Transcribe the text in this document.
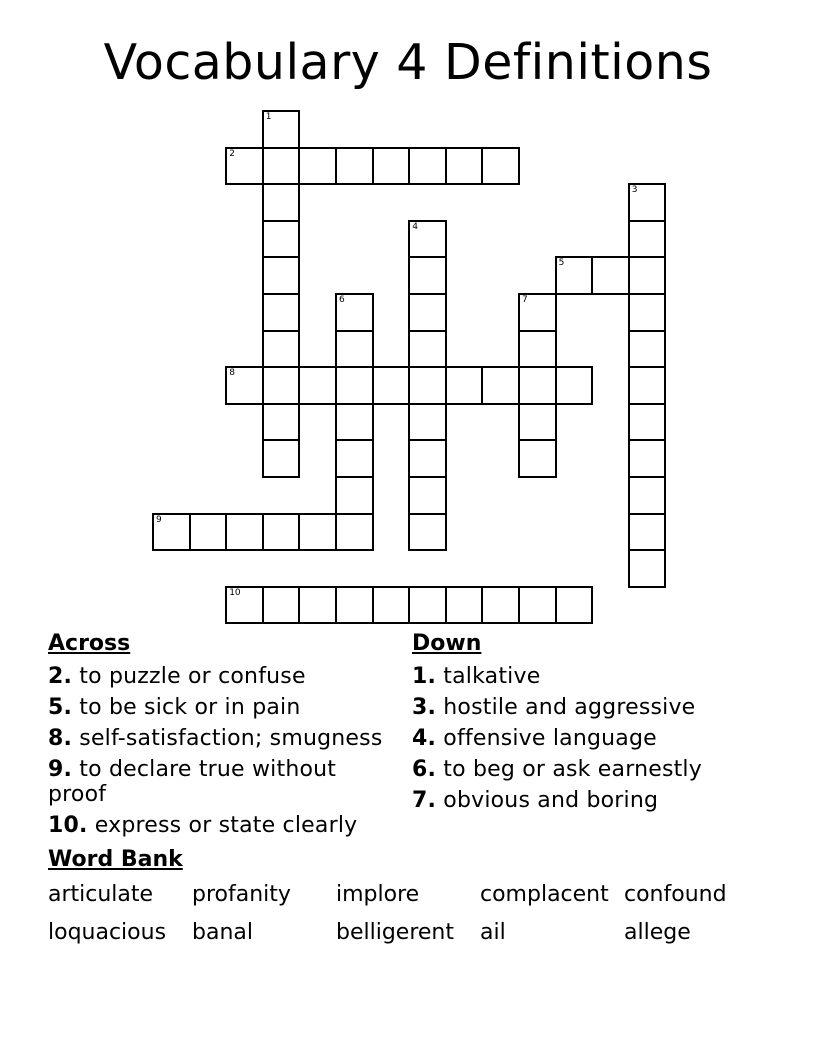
Vocabulary 4 Definitions
1
2
3
4
5
6	7
8
9
10
Across
2. to puzzle or confuse
5. to be sick or in pain
8. self-satisfaction; smugness
9. to declare true without proof
10. express or state clearly
Down
1. talkative
3. hostile and aggressive
4. offensive language
6. to beg or ask earnestly
7. obvious and boring
Word Bank
articulate	profanity	implore	complacent confound
loquacious	banal	belligerent	ail	allege
